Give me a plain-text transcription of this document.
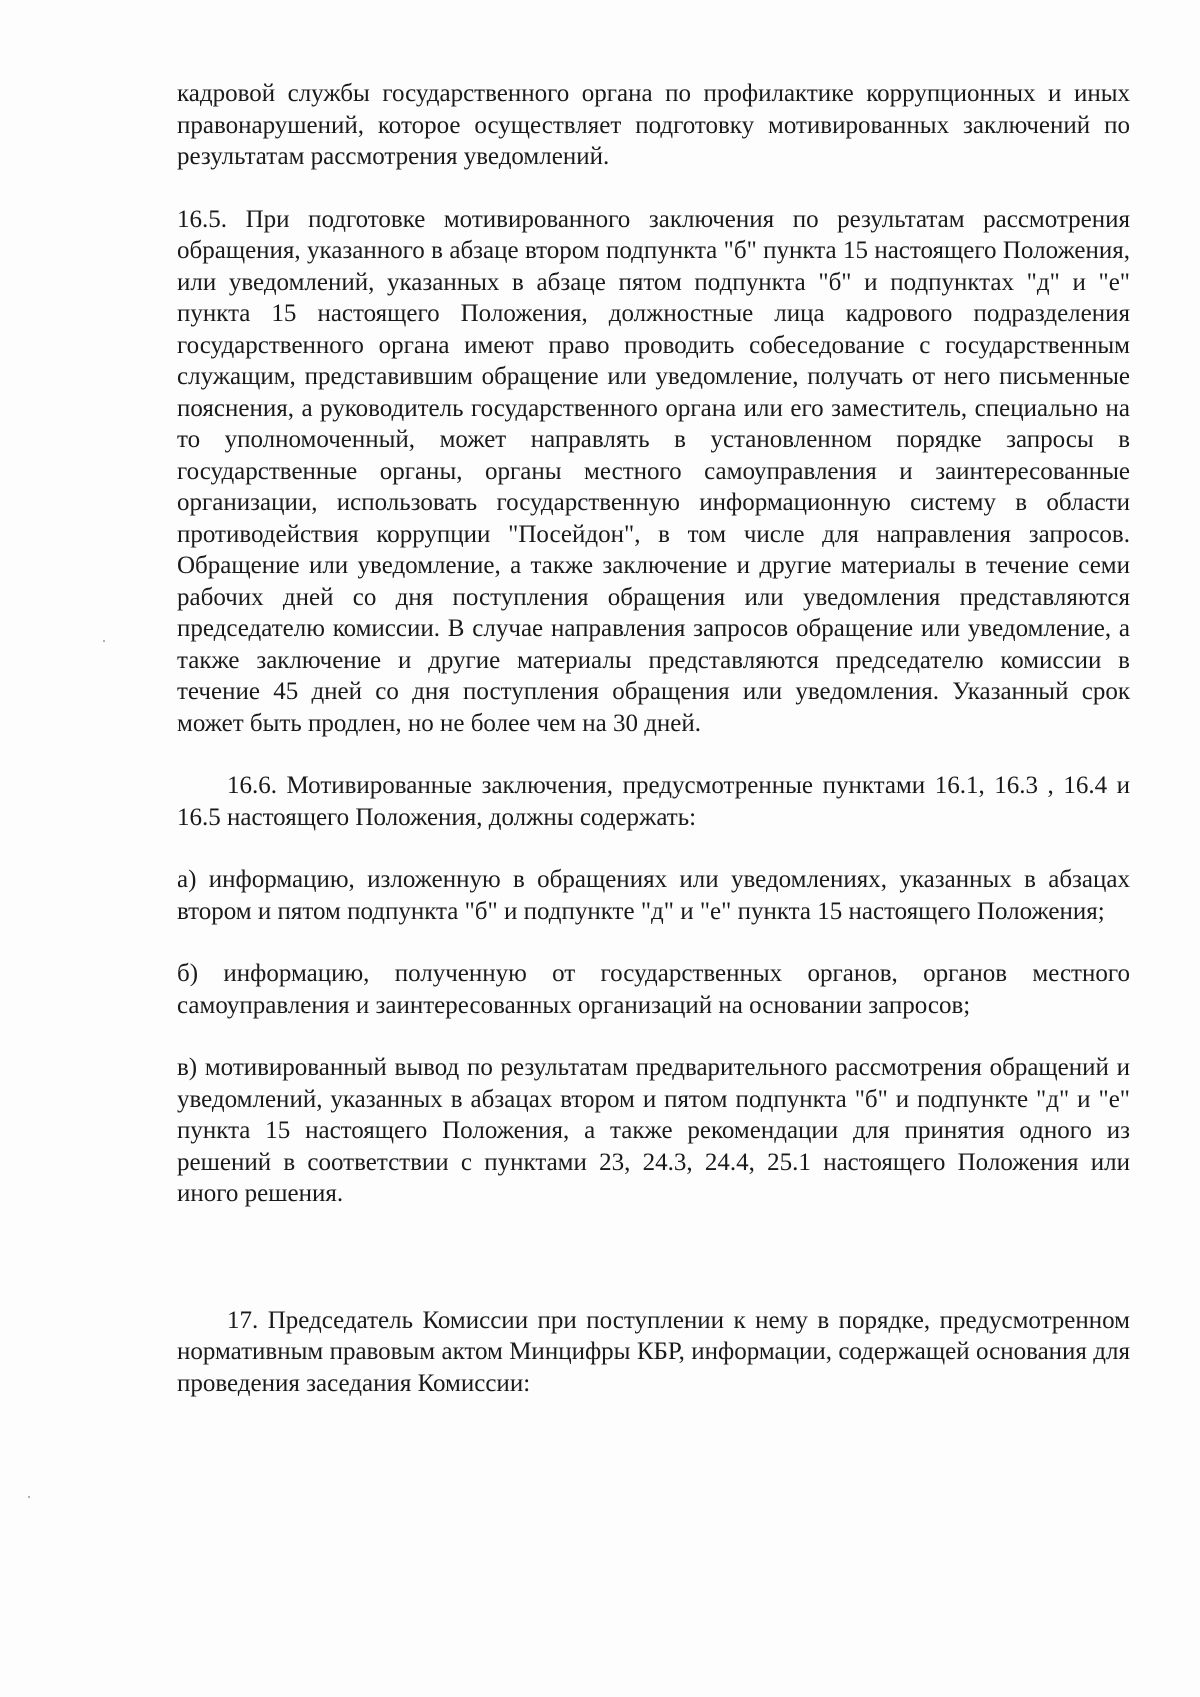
кадровой службы государственного органа по профилактике коррупционных и иных правонарушений, которое осуществляет подготовку мотивированных заключений по результатам рассмотрения уведомлений.

16.5. При подготовке мотивированного заключения по результатам рассмотрения обращения, указанного в абзаце втором подпункта "б" пункта 15 настоящего Положения, или уведомлений, указанных в абзаце пятом подпункта "б" и подпунктах "д" и "е" пункта 15 настоящего Положения, должностные лица кадрового подразделения государственного органа имеют право проводить собеседование с государственным служащим, представившим обращение или уведомление, получать от него письменные пояснения, а руководитель государственного органа или его заместитель, специально на то уполномоченный, может направлять в установленном порядке запросы в государственные органы, органы местного самоуправления и заинтересованные организации, использовать государственную информационную систему в области противодействия коррупции "Посейдон", в том числе для направления запросов. Обращение или уведомление, а также заключение и другие материалы в течение семи рабочих дней со дня поступления обращения или уведомления представляются председателю комиссии. В случае направления запросов обращение или уведомление, а также заключение и другие материалы представляются председателю комиссии в течение 45 дней со дня поступления обращения или уведомления. Указанный срок может быть продлен, но не более чем на 30 дней.

16.6. Мотивированные заключения, предусмотренные пунктами 16.1, 16.3 , 16.4 и 16.5 настоящего Положения, должны содержать:

а) информацию, изложенную в обращениях или уведомлениях, указанных в абзацах втором и пятом подпункта "б" и подпункте "д" и "е" пункта 15 настоящего Положения;

б) информацию, полученную от государственных органов, органов местного самоуправления и заинтересованных организаций на основании запросов;

в) мотивированный вывод по результатам предварительного рассмотрения обращений и уведомлений, указанных в абзацах втором и пятом подпункта "б" и подпункте "д" и "е" пункта 15 настоящего Положения, а также рекомендации для принятия одного из решений в соответствии с пунктами 23, 24.3, 24.4, 25.1 настоящего Положения или иного решения.

17. Председатель Комиссии при поступлении к нему в порядке, предусмотренном нормативным правовым актом Минцифры КБР, информации, содержащей основания для проведения заседания Комиссии:
